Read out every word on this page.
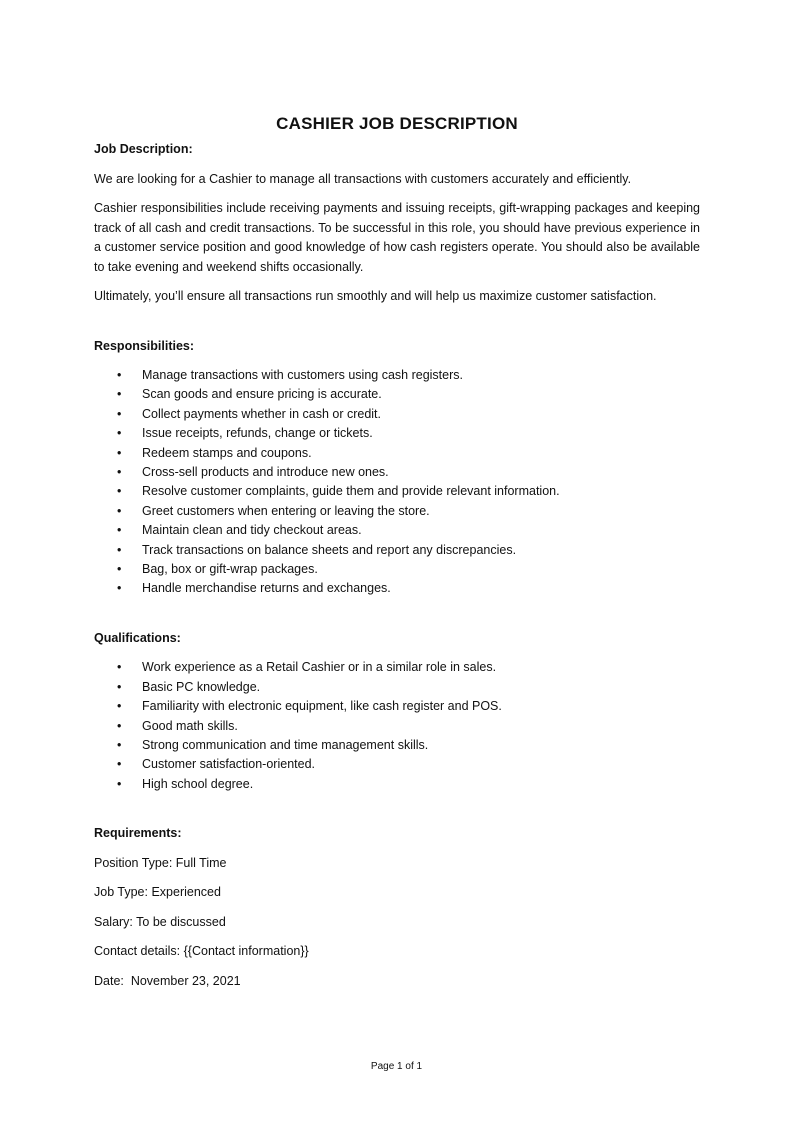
CASHIER JOB DESCRIPTION
Job Description:

We are looking for a Cashier to manage all transactions with customers accurately and efficiently.

Cashier responsibilities include receiving payments and issuing receipts, gift-wrapping packages and keeping track of all cash and credit transactions. To be successful in this role, you should have previous experience in a customer service position and good knowledge of how cash registers operate. You should also be available to take evening and weekend shifts occasionally.

Ultimately, you’ll ensure all transactions run smoothly and will help us maximize customer satisfaction.

Responsibilities:
• Manage transactions with customers using cash registers.
• Scan goods and ensure pricing is accurate.
• Collect payments whether in cash or credit.
• Issue receipts, refunds, change or tickets.
• Redeem stamps and coupons.
• Cross-sell products and introduce new ones.
• Resolve customer complaints, guide them and provide relevant information.
• Greet customers when entering or leaving the store.
• Maintain clean and tidy checkout areas.
• Track transactions on balance sheets and report any discrepancies.
• Bag, box or gift-wrap packages.
• Handle merchandise returns and exchanges.
Qualifications:
• Work experience as a Retail Cashier or in a similar role in sales.
• Basic PC knowledge.
• Familiarity with electronic equipment, like cash register and POS.
• Good math skills.
• Strong communication and time management skills.
• Customer satisfaction-oriented.
• High school degree.
Requirements:

Position Type: Full Time

Job Type: Experienced

Salary: To be discussed

Contact details: {{Contact information}}

Date:  November 23, 2021

Page 1 of 1
